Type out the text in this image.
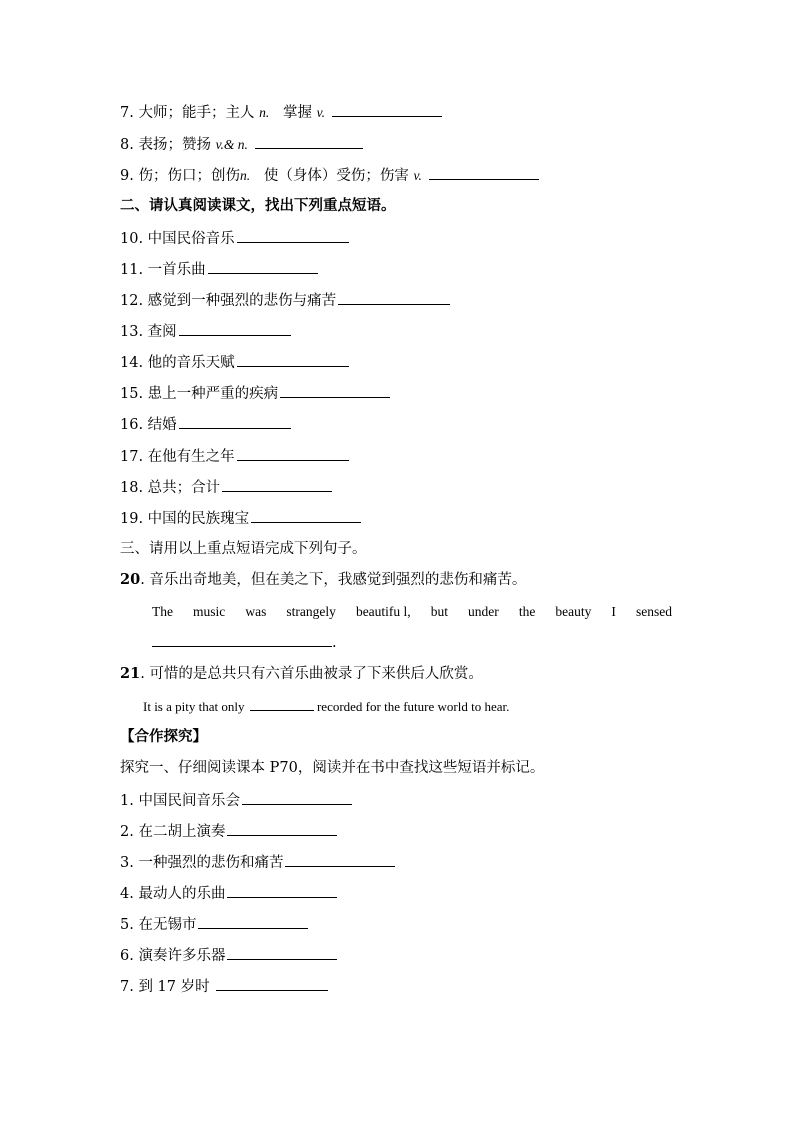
7. 大师；能手；主人 n. 掌握 v.
8. 表扬；赞扬 v.& n.
9. 伤；伤口；创伤n. 使（身体）受伤；伤害 v.
二、请认真阅读课文，找出下列重点短语。
10. 中国民俗音乐
11. 一首乐曲
12. 感觉到一种强烈的悲伤与痛苦
13. 查阅
14. 他的音乐天赋
15. 患上一种严重的疾病
16. 结婚
17. 在他有生之年
18. 总共；合计
19. 中国的民族瑰宝
三、请用以上重点短语完成下列句子。
20. 音乐出奇地美，但在美之下，我感觉到强烈的悲伤和痛苦。
The music was strangely beautifu l, but under the beauty I sensed
.
21. 可惜的是总共只有六首乐曲被录了下来供后人欣赏。
It is a pity that only	recorded for the future world to hear.
【合作探究】
探究一、仔细阅读课本 P70，阅读并在书中查找这些短语并标记。
1. 中国民间音乐会
2. 在二胡上演奏
3. 一种强烈的悲伤和痛苦
4. 最动人的乐曲
5. 在无锡市
6. 演奏许多乐器
7. 到 17 岁时
